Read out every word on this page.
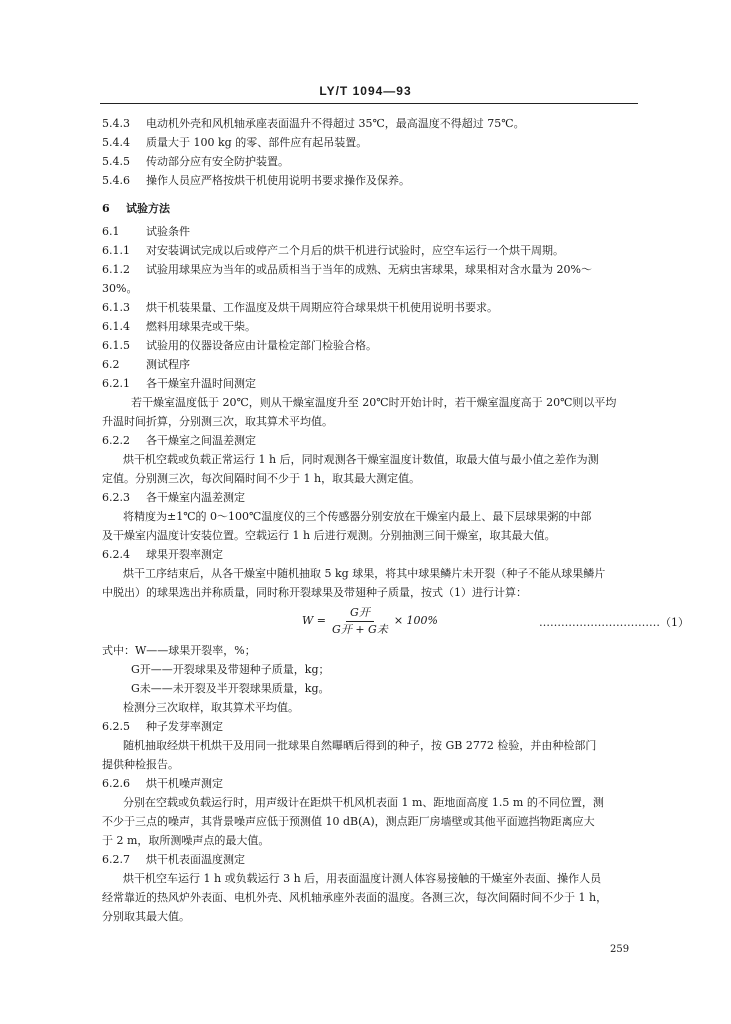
LY/T 1094—93
5.4.3 电动机外壳和风机轴承座表面温升不得超过 35℃，最高温度不得超过 75℃。
5.4.4 质量大于 100 kg 的零、部件应有起吊装置。
5.4.5 传动部分应有安全防护装置。
5.4.6 操作人员应严格按烘干机使用说明书要求操作及保养。
6 试验方法
6.1 试验条件
6.1.1 对安装调试完成以后或停产二个月后的烘干机进行试验时，应空车运行一个烘干周期。
6.1.2 试验用球果应为当年的或品质相当于当年的成熟、无病虫害球果，球果相对含水量为 20%～
30%。
6.1.3 烘干机装果量、工作温度及烘干周期应符合球果烘干机使用说明书要求。
6.1.4 燃料用球果壳或干柴。
6.1.5 试验用的仪器设备应由计量检定部门检验合格。
6.2 测试程序
6.2.1 各干燥室升温时间测定
若干燥室温度低于 20℃，则从干燥室温度升至 20℃时开始计时，若干燥室温度高于 20℃则以平均
升温时间折算，分别测三次，取其算术平均值。
6.2.2 各干燥室之间温差测定
烘干机空载或负载正常运行 1 h 后，同时观测各干燥室温度计数值，取最大值与最小值之差作为测
定值。分别测三次，每次间隔时间不少于 1 h，取其最大测定值。
6.2.3 各干燥室内温差测定
将精度为±1℃的 0～100℃温度仪的三个传感器分别安放在干燥室内最上、最下层球果粥的中部
及干燥室内温度计安装位置。空载运行 1 h 后进行观测。分别抽测三间干燥室，取其最大值。
6.2.4 球果开裂率测定
烘干工序结束后，从各干燥室中随机抽取 5 kg 球果，将其中球果鳞片未开裂（种子不能从球果鳞片
中脱出）的球果选出并称质量，同时称开裂球果及带翅种子质量，按式（1）进行计算：
$W = \frac{\text{G开}}{\text{G开 + G未}} \times 100\%$	……………………………（1）
式中：W——球果开裂率，%；
G开——开裂球果及带翅种子质量，kg；
G未——未开裂及半开裂球果质量，kg。
检测分三次取样，取其算术平均值。
6.2.5 种子发芽率测定
随机抽取经烘干机烘干及用同一批球果自然曝晒后得到的种子，按 GB 2772 检验，并由种检部门
提供种检报告。
6.2.6 烘干机噪声测定
分别在空载或负载运行时，用声级计在距烘干机风机表面 1 m、距地面高度 1.5 m 的不同位置，测
不少于三点的噪声，其背景噪声应低于预测值 10 dB(A)，测点距厂房墙壁或其他平面遮挡物距离应大
于 2 m，取所测噪声点的最大值。
6.2.7 烘干机表面温度测定
烘干机空车运行 1 h 或负载运行 3 h 后，用表面温度计测人体容易接触的干燥室外表面、操作人员
经常靠近的热风炉外表面、电机外壳、风机轴承座外表面的温度。各测三次，每次间隔时间不少于 1 h，
分别取其最大值。
259
